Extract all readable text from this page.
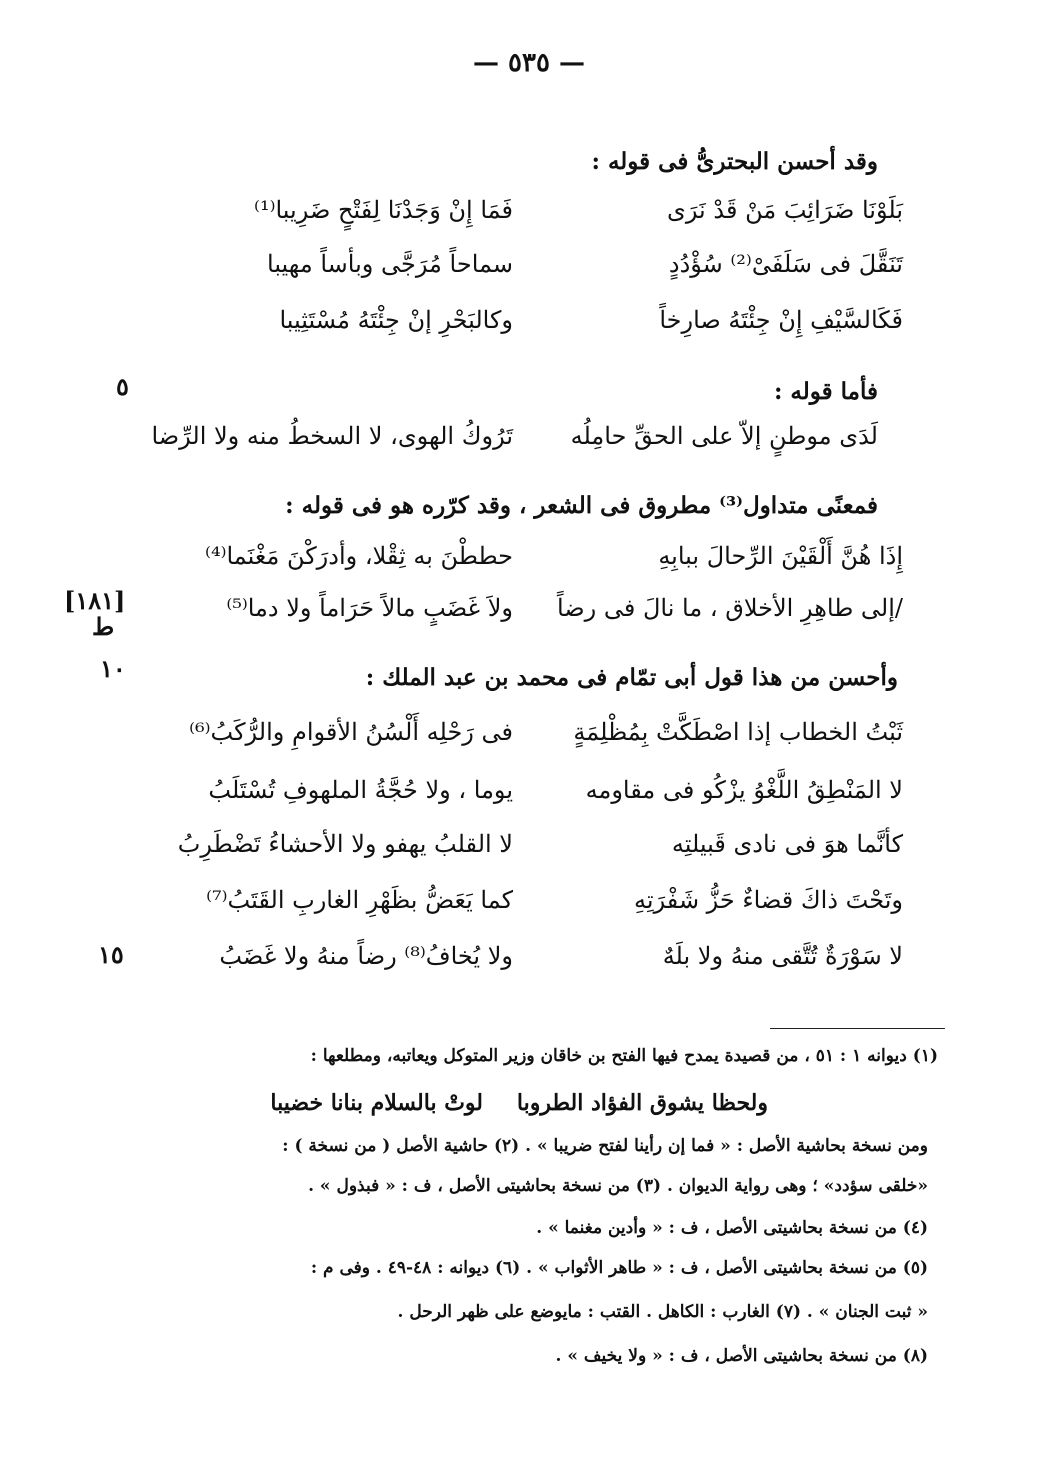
— ٥٣٥ —
وقد أحسن البحترىُّ فى قوله :
بَلَوْنَا ضَرَائِبَ مَنْ قَدْ نَرَى
فَمَا إِنْ وَجَدْنَا لِفَتْحٍ ضَرِيبا⁽¹⁾
تَنَقَّلَ فى سَلَفَىْ⁽²⁾ سُؤْدُدٍ
سماحاً مُرَجَّى وبأساً مهيبا
فَكَالسَّيْفِ إِنْ جِئْتَهُ صارِخاً
وكالبَحْرِ إنْ جِئْتَهُ مُسْتَثِيبا
٥	فأما قوله :
تَرُوكُ الهوى، لا السخطُ منه ولا الرِّضا	لَدَى موطنٍ إلاّ على الحقِّ حامِلُه
فمعنًى متداول⁽³⁾ مطروق فى الشعر ، وقد كرّره هو فى قوله :
إِذَا هُنَّ أَلْقَيْنَ الرِّحالَ ببابِهِ
حططْنَ به ثِقْلا، وأدرَكْنَ مَغْنَما⁽⁴⁾
/إلى طاهِرِ الأخلاق ، ما نالَ فى رضاً
ولاَ غَضَبٍ مالاً حَرَاماً ولا دما⁽⁵⁾
[١٨١]
ط
١٠	وأحسن من هذا قول أبى تمّام فى محمد بن عبد الملك :
ثَبْتُ الخطاب إذا اصْطَكَّتْ بِمُظْلِمَةٍ
فى رَحْلِه أَلْسُنُ الأقوامِ والرُّكَبُ⁽⁶⁾
لا المَنْطِقُ اللَّغْوُ يزْكُو فى مقاومه
يوما ، ولا حُجَّةُ الملهوفِ تُسْتَلَبُ
كأنَّما هوَ فى نادى قَبيلتِه
لا القلبُ يهفو ولا الأحشاءُ تَضْطَرِبُ
وتَحْتَ ذاكَ قضاءٌ حَزُّ شَفْرَتِهِ
كما يَعَضُّ بظَهْرِ الغاربِ القَتَبُ⁽⁷⁾
لا سَوْرَةٌ تُتَّقى منهُ ولا بلَهٌ
ولا يُخافُ⁽⁸⁾ رضاً منهُ ولا غَضَبُ
١٥
(١) ديوانه ١ : ٥١ ، من قصيدة يمدح فيها الفتح بن خاقان وزير المتوكل ويعاتبه، ومطلعها :
لوتْ بالسلام بنانا خضيبا ولحظا يشوق الفؤاد الطروبا
ومن نسخة بحاشية الأصل : « فما إن رأينا لفتح ضريبا » . (٢) حاشية الأصل ( من نسخة ) :
«خلقى سؤدد» ؛ وهى رواية الديوان . (٣) من نسخة بحاشيتى الأصل ، ف : « فبذول » .
(٤) من نسخة بحاشيتى الأصل ، ف : « وأدين مغنما » .
(٥) من نسخة بحاشيتى الأصل ، ف : « طاهر الأثواب » . (٦) ديوانه : ٤٨-٤٩ . وفى م :
« ثبت الجنان » . (٧) الغارب : الكاهل . القتب : مايوضع على ظهر الرحل .
(٨) من نسخة بحاشيتى الأصل ، ف : « ولا يخيف » .
